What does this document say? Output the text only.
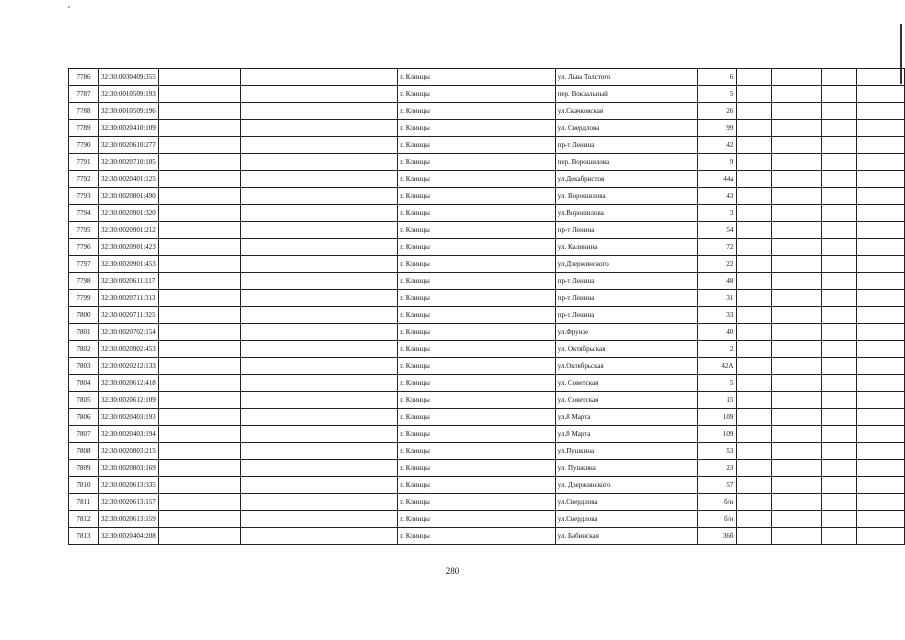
7786	32:30:0030409:355			г. Клинцы	ул. Льва Толстого	6				
7787	32:30:0010509:193			г. Клинцы	пер. Вокзальный	5				
7788	32:30:0010509:196			г. Клинцы	ул.Скачковская	26				
7789	32:30:0020410:109			г. Клинцы	ул. Свердлова	99				
7790	32:30:0020610:277			г. Клинцы	пр-т Ленина	42				
7791	32:30:0020710:185			г. Клинцы	пер. Ворошилова	9				
7792	32:30:0020401:125			г. Клинцы	ул.Декабристов	44а				
7793	32:30:0020801:490			г. Клинцы	ул. Ворошилова	43				
7794	32:30:0020901:320			г. Клинцы	ул.Ворошилова	3				
7795	32:30:0020901:212			г. Клинцы	пр-т Ленина	54				
7796	32:30:0020901:423			г. Клинцы	ул. Калинина	72				
7797	32:30:0020901:453			г. Клинцы	ул.Дзержинского	22				
7798	32:30:0020611:117			г. Клинцы	пр-т Ленина	48				
7799	32:30:0020711:313			г. Клинцы	пр-т Ленина	31				
7800	32:30:0020711:325			г. Клинцы	пр-т Ленина	33				
7801	32:30:0020702:154			г. Клинцы	ул.Фрунзе	40				
7802	32:30:0020902:453			г. Клинцы	ул. Октябрьская	2				
7803	32:30:0020212:133			г. Клинцы	ул.Октябрьская	42А				
7804	32:30:0020612:418			г. Клинцы	ул. Советская	5				
7805	32:30:0020612:109			г. Клинцы	ул. Советская	15				
7806	32:30:0020403:193			г. Клинцы	ул.8 Марта	109				
7807	32:30:0020403:194			г. Клинцы	ул.8 Марта	109				
7808	32:30:0020803:215			г. Клинцы	ул.Пушкина	53				
7809	32:30:0020803:169			г. Клинцы	ул. Пушкина	23				
7810	32:30:0020613:335			г. Клинцы	ул. Дзержинского	57				
7811	32:30:0020613:157			г. Клинцы	ул.Свердлова	б/н				
7812	32:30:0020613:159			г. Клинцы	ул.Свердлова	б/н				
7813	32:30:0020404:208			г. Клинцы	ул. Бабинская	36б				
280
